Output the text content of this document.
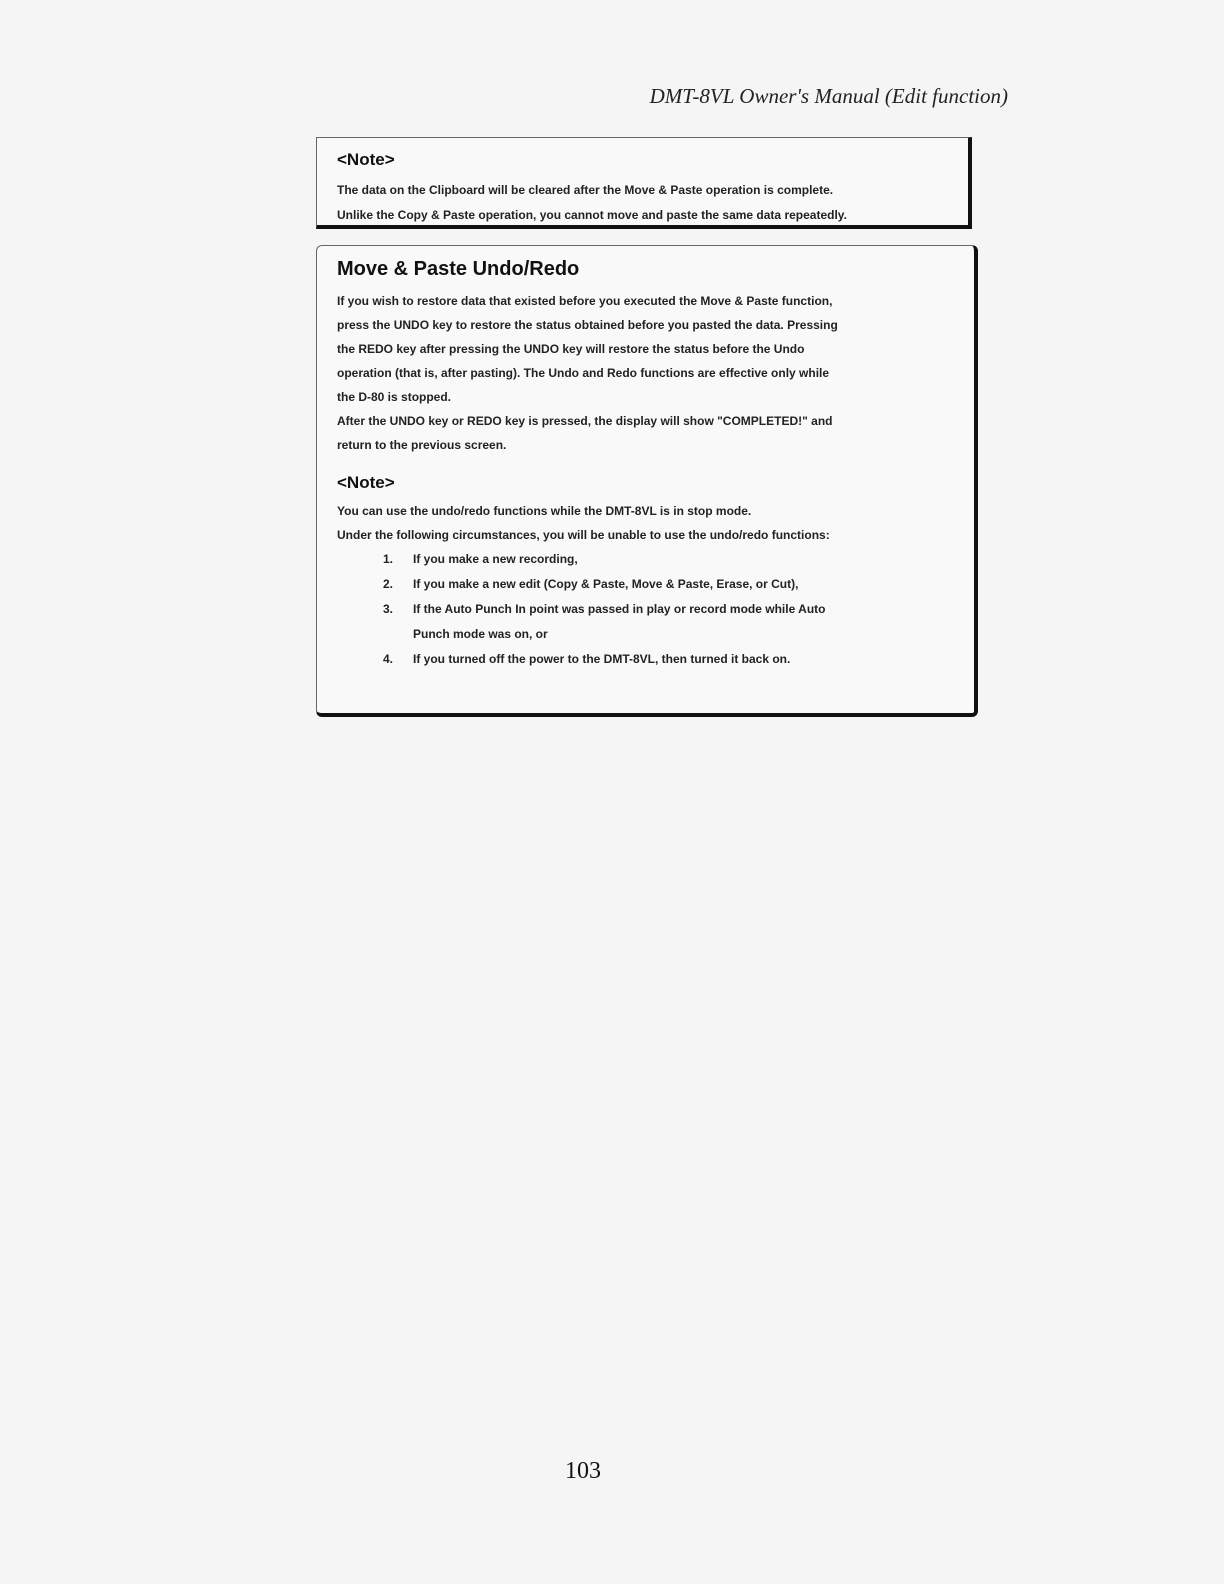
DMT-8VL Owner's Manual (Edit function)
<Note>
The data on the Clipboard will be cleared after the Move & Paste operation is complete.
Unlike the Copy & Paste operation, you cannot move and paste the same data repeatedly.
Move & Paste Undo/Redo
If you wish to restore data that existed before you executed the Move & Paste function,
press the UNDO key to restore the status obtained before you pasted the data. Pressing
the REDO key after pressing the UNDO key will restore the status before the Undo
operation (that is, after pasting). The Undo and Redo functions are effective only while
the D-80 is stopped.
After the UNDO key or REDO key is pressed, the display will show "COMPLETED!" and
return to the previous screen.
<Note>
You can use the undo/redo functions while the DMT-8VL is in stop mode.
Under the following circumstances, you will be unable to use the undo/redo functions:
1.	If you make a new recording,
2.	If you make a new edit (Copy & Paste, Move & Paste, Erase, or Cut),
3.	If the Auto Punch In point was passed in play or record mode while Auto
Punch mode was on, or
4.	If you turned off the power to the DMT-8VL, then turned it back on.
103
